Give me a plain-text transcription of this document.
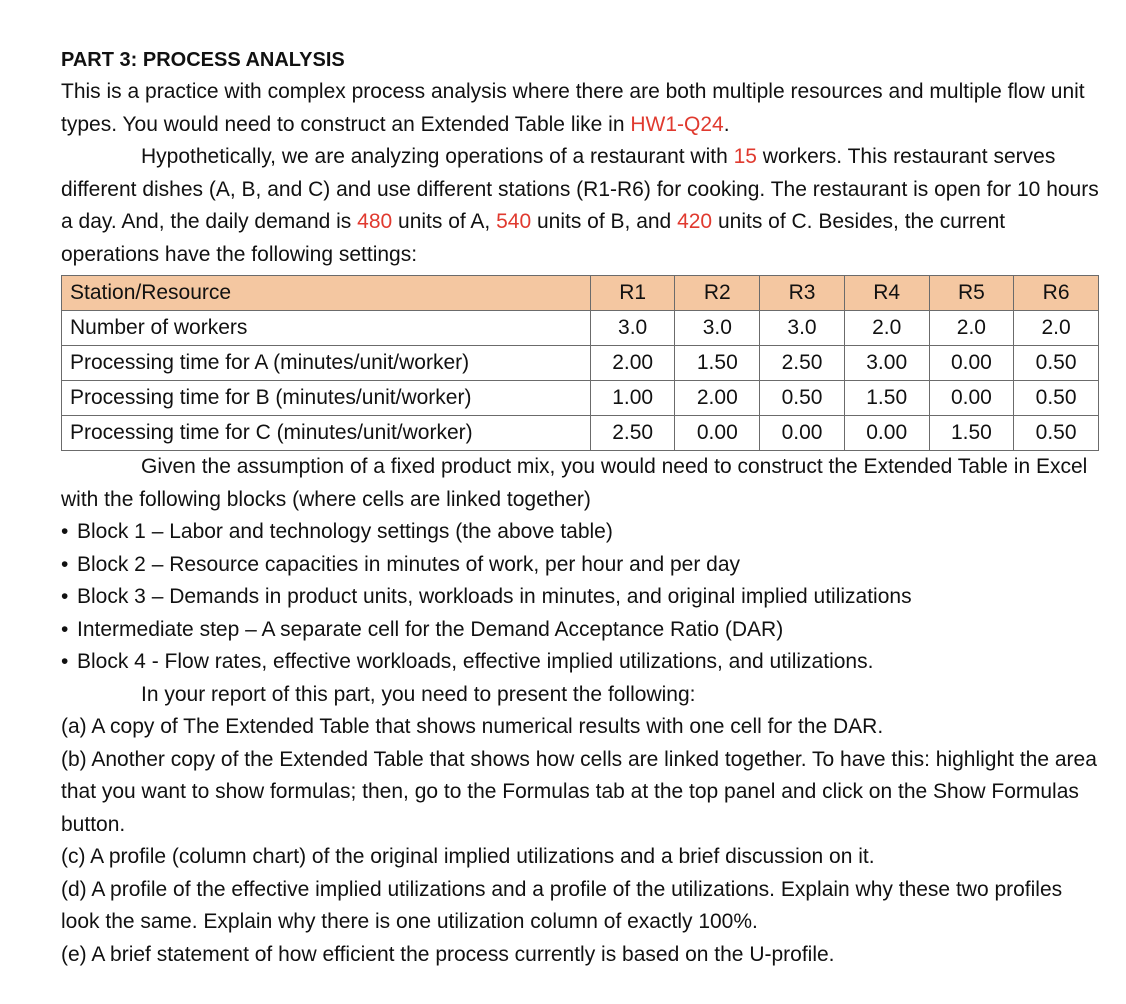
PART 3: PROCESS ANALYSIS

This is a practice with complex process analysis where there are both multiple resources and multiple flow unit types. You would need to construct an Extended Table like in HW1-Q24.

Hypothetically, we are analyzing operations of a restaurant with 15 workers. This restaurant serves different dishes (A, B, and C) and use different stations (R1-R6) for cooking. The restaurant is open for 10 hours a day. And, the daily demand is 480 units of A, 540 units of B, and 420 units of C. Besides, the current operations have the following settings:

Station/Resource	R1	R2	R3	R4	R5	R6
Number of workers	3.0	3.0	3.0	2.0	2.0	2.0
Processing time for A (minutes/unit/worker)	2.00	1.50	2.50	3.00	0.00	0.50
Processing time for B (minutes/unit/worker)	1.00	2.00	0.50	1.50	0.00	0.50
Processing time for C (minutes/unit/worker)	2.50	0.00	0.00	0.00	1.50	0.50

Given the assumption of a fixed product mix, you would need to construct the Extended Table in Excel with the following blocks (where cells are linked together)

• Block 1 – Labor and technology settings (the above table)
• Block 2 – Resource capacities in minutes of work, per hour and per day
• Block 3 – Demands in product units, workloads in minutes, and original implied utilizations
• Intermediate step – A separate cell for the Demand Acceptance Ratio (DAR)
• Block 4 - Flow rates, effective workloads, effective implied utilizations, and utilizations.

In your report of this part, you need to present the following:

(a) A copy of The Extended Table that shows numerical results with one cell for the DAR.

(b) Another copy of the Extended Table that shows how cells are linked together. To have this: highlight the area that you want to show formulas; then, go to the Formulas tab at the top panel and click on the Show Formulas button.

(c) A profile (column chart) of the original implied utilizations and a brief discussion on it.

(d) A profile of the effective implied utilizations and a profile of the utilizations. Explain why these two profiles look the same. Explain why there is one utilization column of exactly 100%.

(e) A brief statement of how efficient the process currently is based on the U-profile.
